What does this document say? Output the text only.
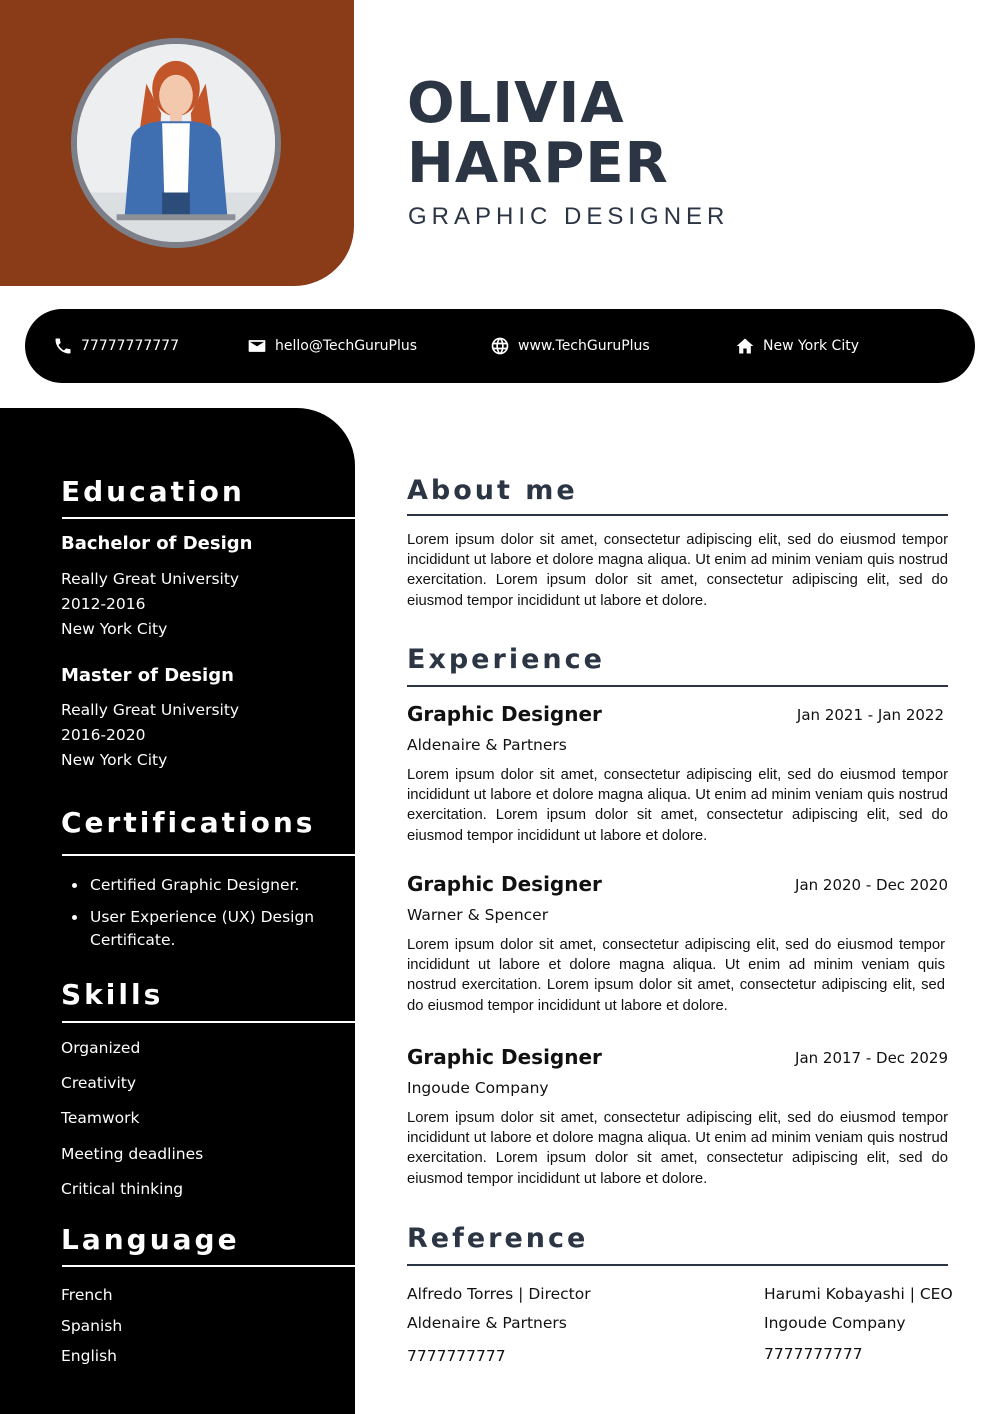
OLIVIA
HARPER
GRAPHIC DESIGNER
77777777777	hello@TechGuruPlus	www.TechGuruPlus	New York City
Education
Bachelor of Design
Really Great University
2012-2016
New York City
Master of Design
Really Great University
2016-2020
New York City
Certifications
Certified Graphic Designer.
User Experience (UX) Design Certificate.
Skills
Organized
Creativity
Teamwork
Meeting deadlines
Critical thinking
Language
French
Spanish
English
About me
Lorem ipsum dolor sit amet, consectetur adipiscing elit, sed do eiusmod tempor incididunt ut labore et dolore magna aliqua. Ut enim ad minim veniam quis nostrud exercitation. Lorem ipsum dolor sit amet, consectetur adipiscing elit, sed do eiusmod tempor incididunt ut labore et dolore.
Experience
Graphic Designer	Jan 2021 - Jan 2022
Aldenaire & Partners
Lorem ipsum dolor sit amet, consectetur adipiscing elit, sed do eiusmod tempor incididunt ut labore et dolore magna aliqua. Ut enim ad minim veniam quis nostrud exercitation. Lorem ipsum dolor sit amet, consectetur adipiscing elit, sed do eiusmod tempor incididunt ut labore et dolore.
Graphic Designer	Jan 2020 - Dec 2020
Warner & Spencer
Lorem ipsum dolor sit amet, consectetur adipiscing elit, sed do eiusmod tempor incididunt ut labore et dolore magna aliqua. Ut enim ad minim veniam quis nostrud exercitation. Lorem ipsum dolor sit amet, consectetur adipiscing elit, sed do eiusmod tempor incididunt ut labore et dolore.
Graphic Designer	Jan 2017 - Dec 2029
Ingoude Company
Lorem ipsum dolor sit amet, consectetur adipiscing elit, sed do eiusmod tempor incididunt ut labore et dolore magna aliqua. Ut enim ad minim veniam quis nostrud exercitation. Lorem ipsum dolor sit amet, consectetur adipiscing elit, sed do eiusmod tempor incididunt ut labore et dolore.
Reference
Alfredo Torres | Director
Aldenaire & Partners
7777777777
Harumi Kobayashi | CEO
Ingoude Company
7777777777
